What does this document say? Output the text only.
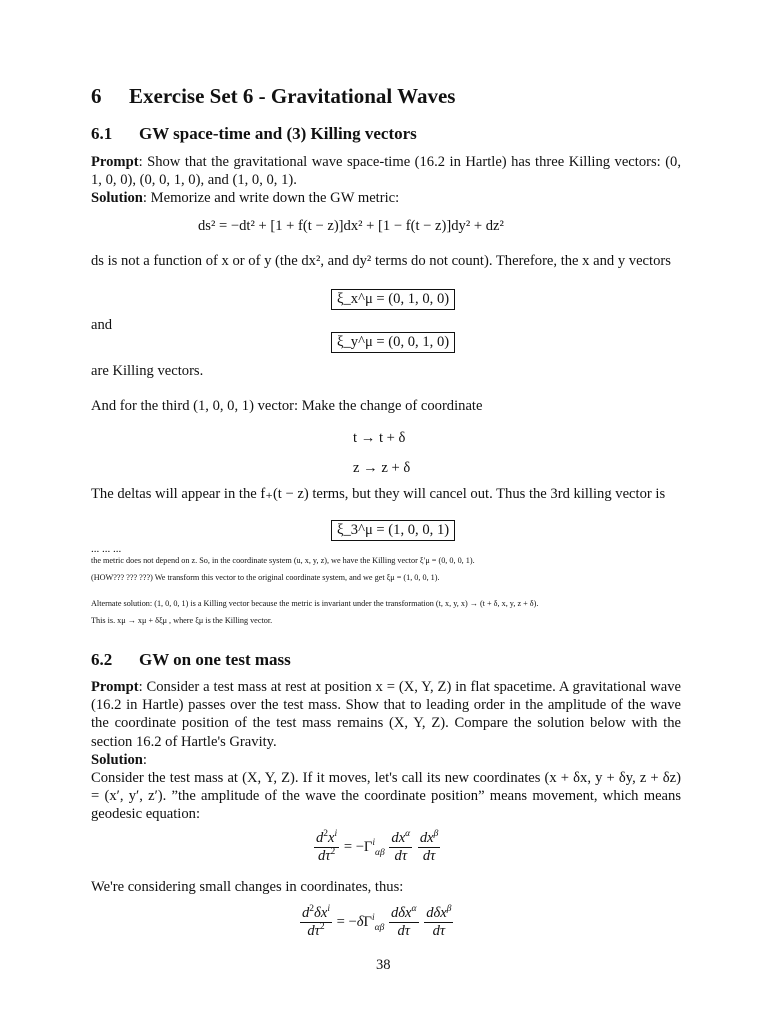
6 Exercise Set 6 - Gravitational Waves
6.1 GW space-time and (3) Killing vectors
Prompt: Show that the gravitational wave space-time (16.2 in Hartle) has three Killing vectors: (0, 1, 0, 0), (0, 0, 1, 0), and (1, 0, 0, 1).
Solution: Memorize and write down the GW metric:
ds² = −dt² + [1 + f(t − z)]dx² + [1 − f(t − z)]dy² + dz²
ds is not a function of x or of y (the dx², and dy² terms do not count). Therefore, the x and y vectors
ξ_x^μ = (0, 1, 0, 0)
and
ξ_y^μ = (0, 0, 1, 0)
are Killing vectors.
And for the third (1, 0, 0, 1) vector: Make the change of coordinate
t → t + δ
z → z + δ
The deltas will appear in the f₊(t − z) terms, but they will cancel out. Thus the 3rd killing vector is
ξ_3^μ = (1, 0, 0, 1)
... ... ...
the metric does not depend on z. So, in the coordinate system (u, x, y, z), we have the Killing vector ξ′μ = (0, 0, 0, 1).
(HOW??? ??? ???) We transform this vector to the original coordinate system, and we get ξμ = (1, 0, 0, 1).
Alternate solution: (1, 0, 0, 1) is a Killing vector because the metric is invariant under the transformation (t, x, y, x) → (t + δ, x, y, z + δ).
This is. xμ → xμ + δξμ , where ξμ is the Killing vector.
6.2 GW on one test mass
Prompt: Consider a test mass at rest at position x = (X, Y, Z) in flat spacetime. A gravitational wave (16.2 in Hartle) passes over the test mass. Show that to leading order in the amplitude of the wave the coordinate position of the test mass remains (X, Y, Z). Compare the solution below with the section 16.2 of Hartle's Gravity.
Solution:
Consider the test mass at (X, Y, Z). If it moves, let's call its new coordinates (x + δx, y + δy, z + δz) = (x′, y′, z′). ”the amplitude of the wave the coordinate position” means movement, which means geodesic equation:
$\frac{d^2x^i}{d\tau^2} = -\Gamma^i_{\alpha\beta} \frac{dx^\alpha}{d\tau}$
$\frac{dx^\beta}{d\tau}$
We're considering small changes in coordinates, thus:
$\frac{d^2\delta x^i}{d\tau^2} = -\delta\Gamma^i_{\alpha\beta} \frac{d\delta x^\alpha}{d\tau}$
$\frac{d\delta x^\beta}{d\tau}$
38
